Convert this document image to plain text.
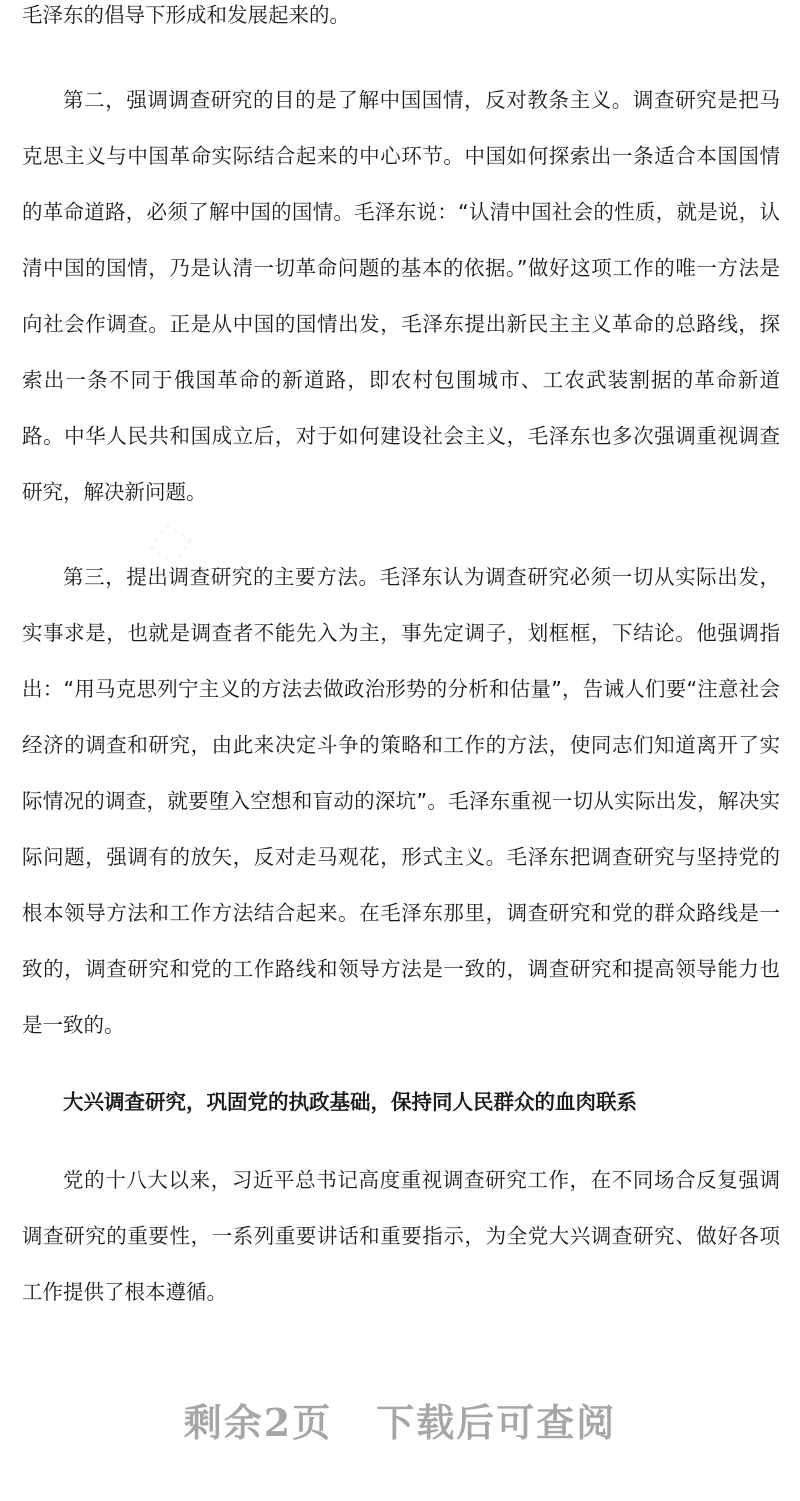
毛泽东的倡导下形成和发展起来的。

第二，强调调查研究的目的是了解中国国情，反对教条主义。调查研究是把马克思主义与中国革命实际结合起来的中心环节。中国如何探索出一条适合本国国情的革命道路，必须了解中国的国情。毛泽东说：“认清中国社会的性质，就是说，认清中国的国情，乃是认清一切革命问题的基本的依据。”做好这项工作的唯一方法是向社会作调查。正是从中国的国情出发，毛泽东提出新民主主义革命的总路线，探索出一条不同于俄国革命的新道路，即农村包围城市、工农武装割据的革命新道路。中华人民共和国成立后，对于如何建设社会主义，毛泽东也多次强调重视调查研究，解决新问题。

第三，提出调查研究的主要方法。毛泽东认为调查研究必须一切从实际出发，实事求是，也就是调查者不能先入为主，事先定调子，划框框，下结论。他强调指出：“用马克思列宁主义的方法去做政治形势的分析和估量”，告诫人们要“注意社会经济的调查和研究，由此来决定斗争的策略和工作的方法，使同志们知道离开了实际情况的调查，就要堕入空想和盲动的深坑”。毛泽东重视一切从实际出发，解决实际问题，强调有的放矢，反对走马观花，形式主义。毛泽东把调查研究与坚持党的根本领导方法和工作方法结合起来。在毛泽东那里，调查研究和党的群众路线是一致的，调查研究和党的工作路线和领导方法是一致的，调查研究和提高领导能力也是一致的。

大兴调查研究，巩固党的执政基础，保持同人民群众的血肉联系

党的十八大以来，习近平总书记高度重视调查研究工作，在不同场合反复强调调查研究的重要性，一系列重要讲话和重要指示，为全党大兴调查研究、做好各项工作提供了根本遵循。

⬚
剩余2页 下载后可查阅
